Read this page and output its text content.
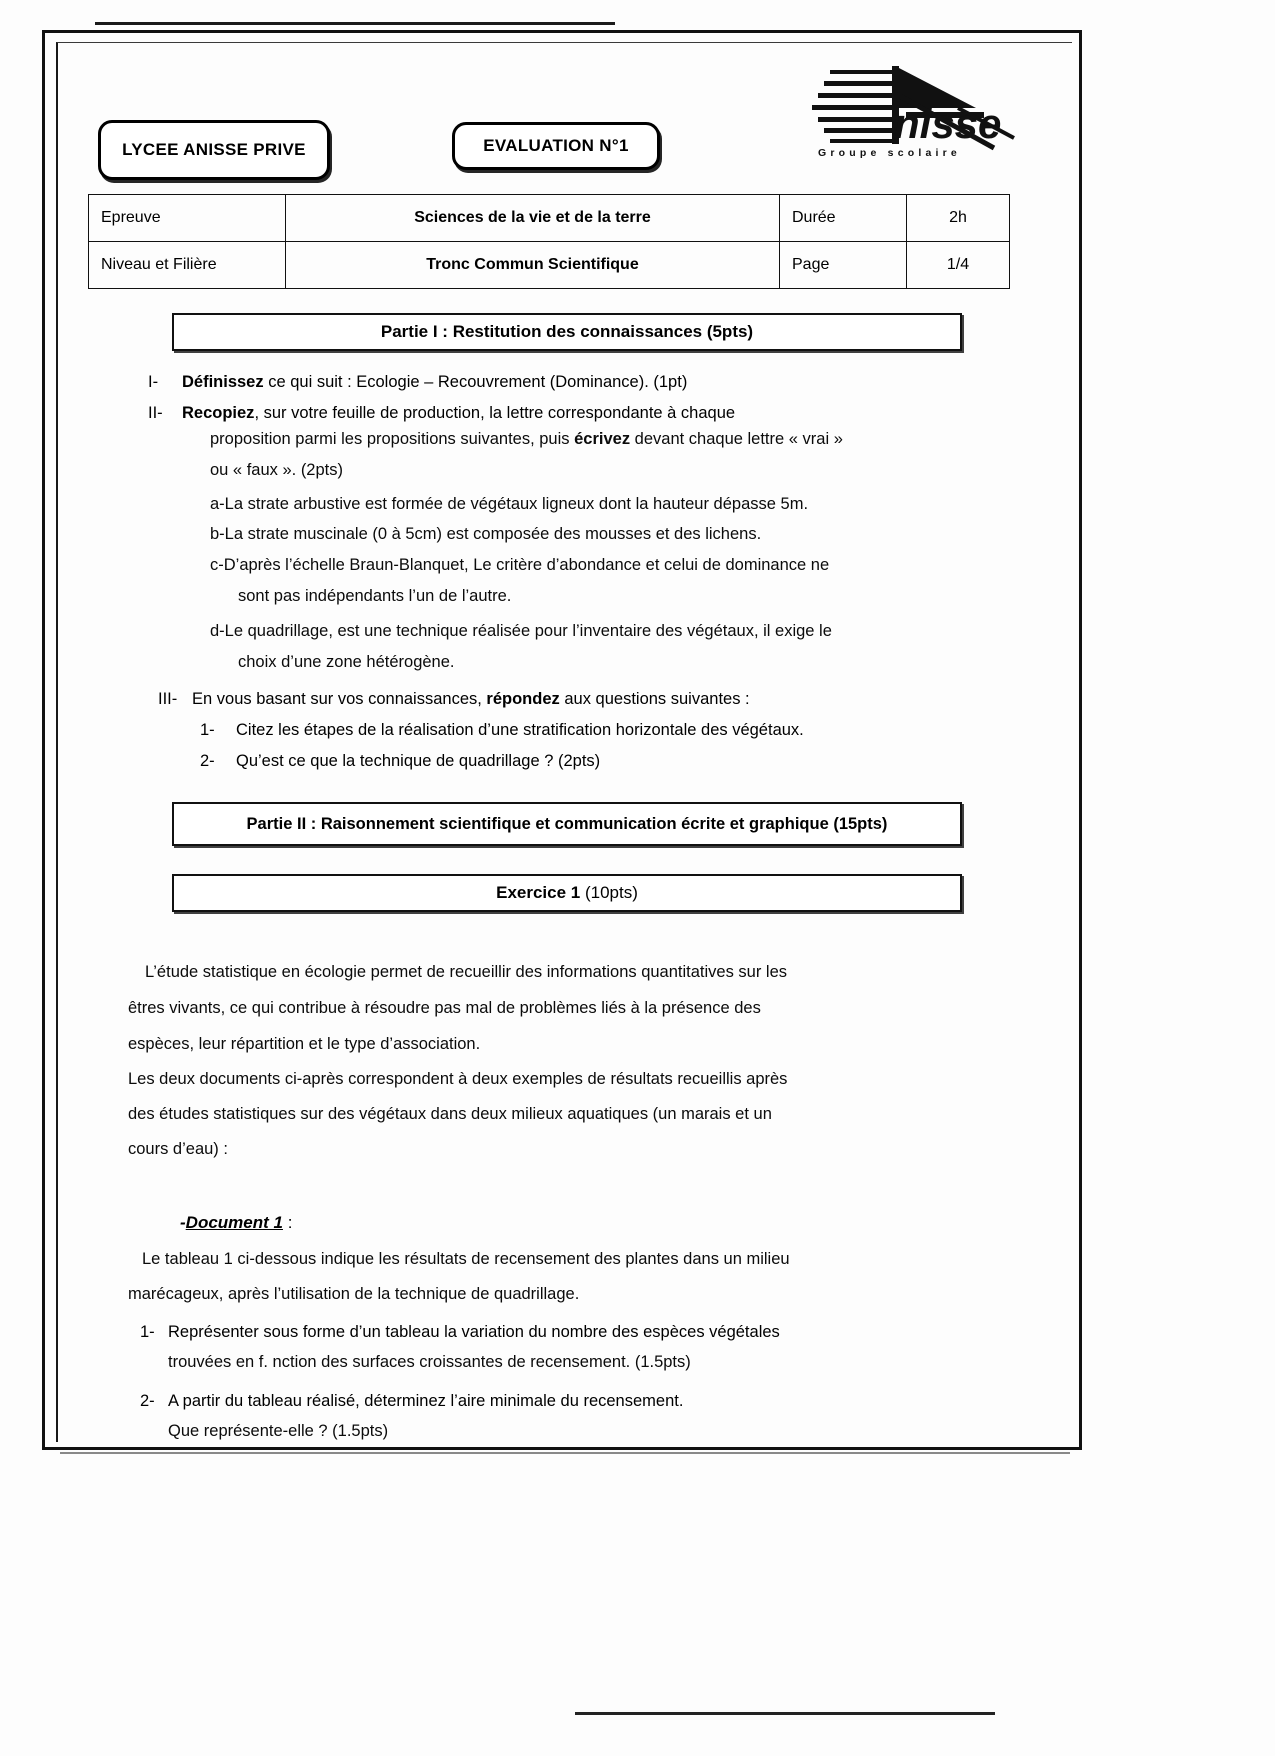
LYCEE ANISSE PRIVE	EVALUATION N°1	nisse
Groupe scolaire
Epreuve	Sciences de la vie et de la terre	Durée	2h
Niveau et Filière	Tronc Commun Scientifique	Page	1/4
Partie I : Restitution des connaissances (5pts)
I-	Définissez ce qui suit : Ecologie – Recouvrement (Dominance). (1pt)
II-	Recopiez, sur votre feuille de production, la lettre correspondante à chaque
proposition parmi les propositions suivantes, puis écrivez devant chaque lettre « vrai »
ou « faux ». (2pts)
a-La strate arbustive est formée de végétaux ligneux dont la hauteur dépasse 5m.
b-La strate muscinale (0 à 5cm) est composée des mousses et des lichens.
c-D’après l’échelle Braun-Blanquet, Le critère d’abondance et celui de dominance ne
sont pas indépendants l’un de l’autre.
d-Le quadrillage, est une technique réalisée pour l’inventaire des végétaux, il exige le
choix d’une zone hétérogène.
III- En vous basant sur vos connaissances, répondez aux questions suivantes :
1-	Citez les étapes de la réalisation d’une stratification horizontale des végétaux.
2-	Qu’est ce que la technique de quadrillage ? (2pts)
Partie II : Raisonnement scientifique et communication écrite et graphique (15pts)
Exercice 1 (10pts)
L’étude statistique en écologie permet de recueillir des informations quantitatives sur les
êtres vivants, ce qui contribue à résoudre pas mal de problèmes liés à la présence des
espèces, leur répartition et le type d’association.
Les deux documents ci-après correspondent à deux exemples de résultats recueillis après
des études statistiques sur des végétaux dans deux milieux aquatiques (un marais et un
cours d’eau) :
-Document 1 :
Le tableau 1 ci-dessous indique les résultats de recensement des plantes dans un milieu
marécageux, après l’utilisation de la technique de quadrillage.
1- Représenter sous forme d’un tableau la variation du nombre des espèces végétales
trouvées en f. nction des surfaces croissantes de recensement. (1.5pts)
2- A partir du tableau réalisé, déterminez l’aire minimale du recensement.
Que représente-elle ? (1.5pts)
